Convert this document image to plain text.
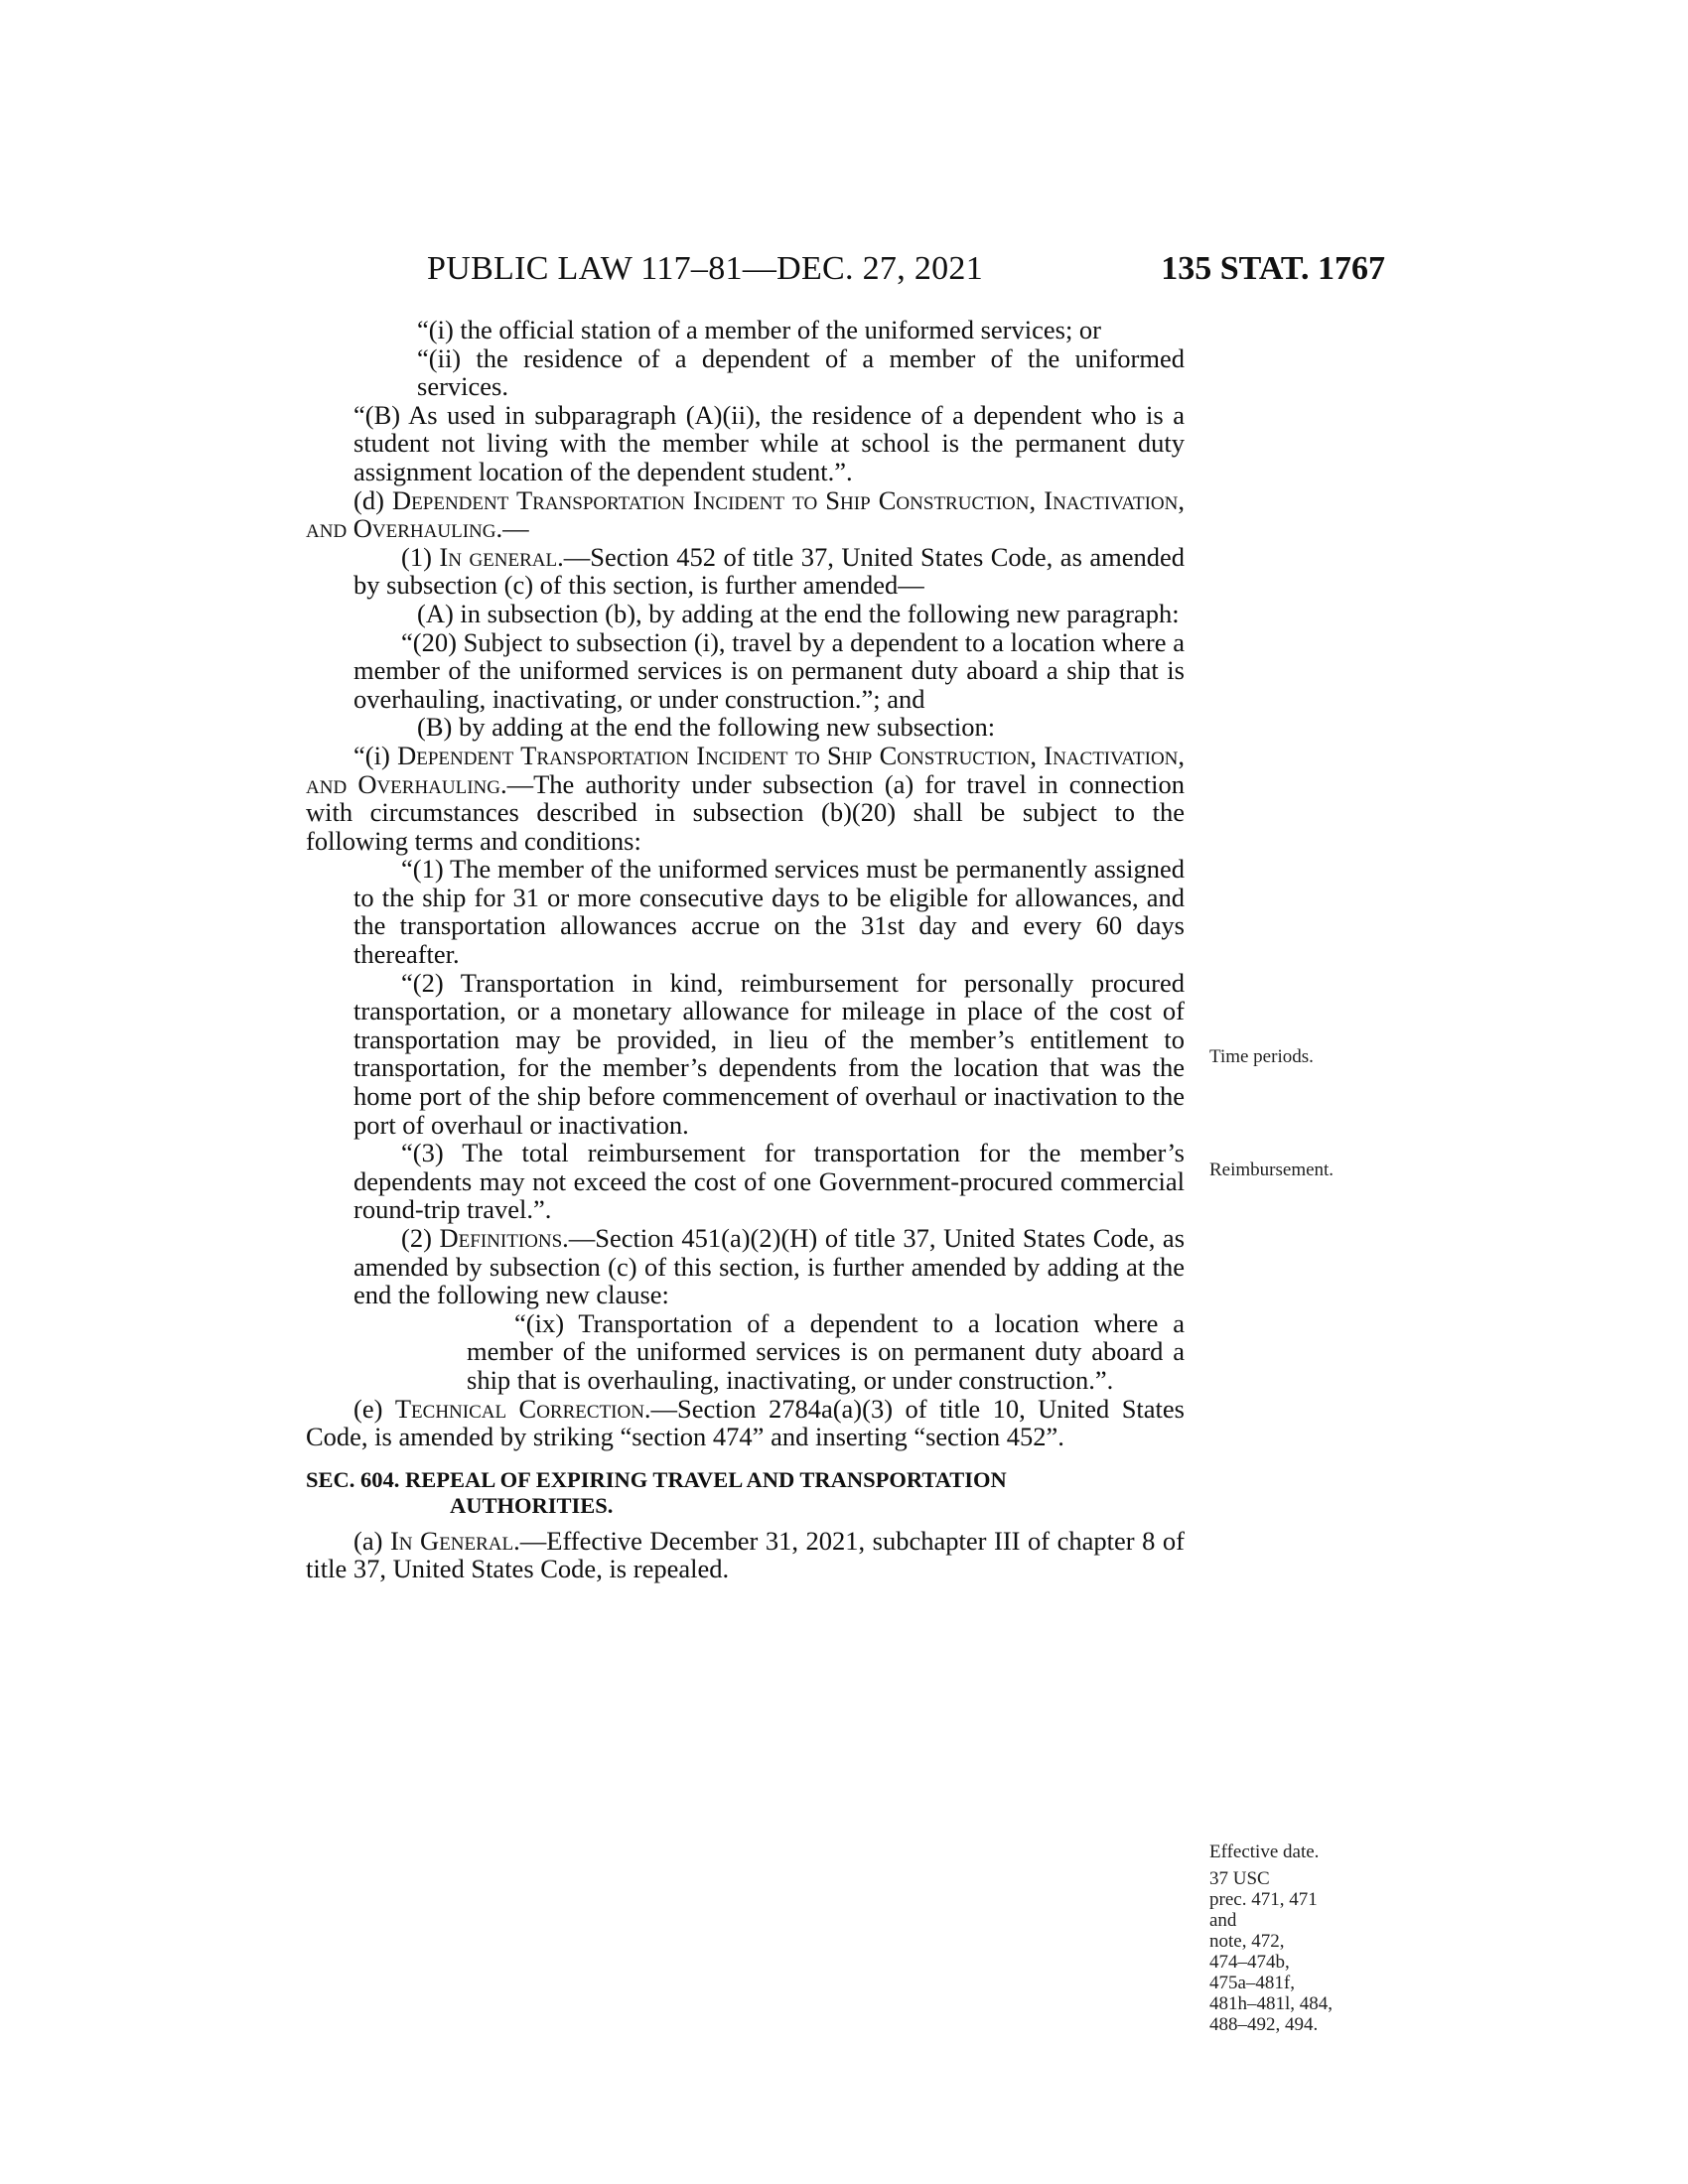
PUBLIC LAW 117–81—DEC. 27, 2021	135 STAT. 1767

“(i) the official station of a member of the uniformed services; or

“(ii) the residence of a dependent of a member of the uniformed services.

“(B) As used in subparagraph (A)(ii), the residence of a dependent who is a student not living with the member while at school is the permanent duty assignment location of the dependent student.”.

(d) Dependent Transportation Incident to Ship Construction, Inactivation, and Overhauling.—

(1) In general.—Section 452 of title 37, United States Code, as amended by subsection (c) of this section, is further amended—

(A) in subsection (b), by adding at the end the following new paragraph:

“(20) Subject to subsection (i), travel by a dependent to a location where a member of the uniformed services is on permanent duty aboard a ship that is overhauling, inactivating, or under construction.”; and

(B) by adding at the end the following new subsection:

“(i) Dependent Transportation Incident to Ship Construction, Inactivation, and Overhauling.—The authority under subsection (a) for travel in connection with circumstances described in subsection (b)(20) shall be subject to the following terms and conditions:

“(1) The member of the uniformed services must be permanently assigned to the ship for 31 or more consecutive days to be eligible for allowances, and the transportation allowances accrue on the 31st day and every 60 days thereafter.

“(2) Transportation in kind, reimbursement for personally procured transportation, or a monetary allowance for mileage in place of the cost of transportation may be provided, in lieu of the member’s entitlement to transportation, for the member’s dependents from the location that was the home port of the ship before commencement of overhaul or inactivation to the port of overhaul or inactivation.

“(3) The total reimbursement for transportation for the member’s dependents may not exceed the cost of one Government-procured commercial round-trip travel.”.

(2) Definitions.—Section 451(a)(2)(H) of title 37, United States Code, as amended by subsection (c) of this section, is further amended by adding at the end the following new clause:

“(ix) Transportation of a dependent to a location where a member of the uniformed services is on permanent duty aboard a ship that is overhauling, inactivating, or under construction.”.

(e) Technical Correction.—Section 2784a(a)(3) of title 10, United States Code, is amended by striking “section 474” and inserting “section 452”.

SEC. 604. REPEAL OF EXPIRING TRAVEL AND TRANSPORTATION
AUTHORITIES.

(a) In General.—Effective December 31, 2021, subchapter III of chapter 8 of title 37, United States Code, is repealed.

Time periods.
Reimbursement.
Effective date.
37 USC
prec. 471, 471
and
note, 472,
474–474b,
475a–481f,
481h–481l, 484,
488–492, 494.
